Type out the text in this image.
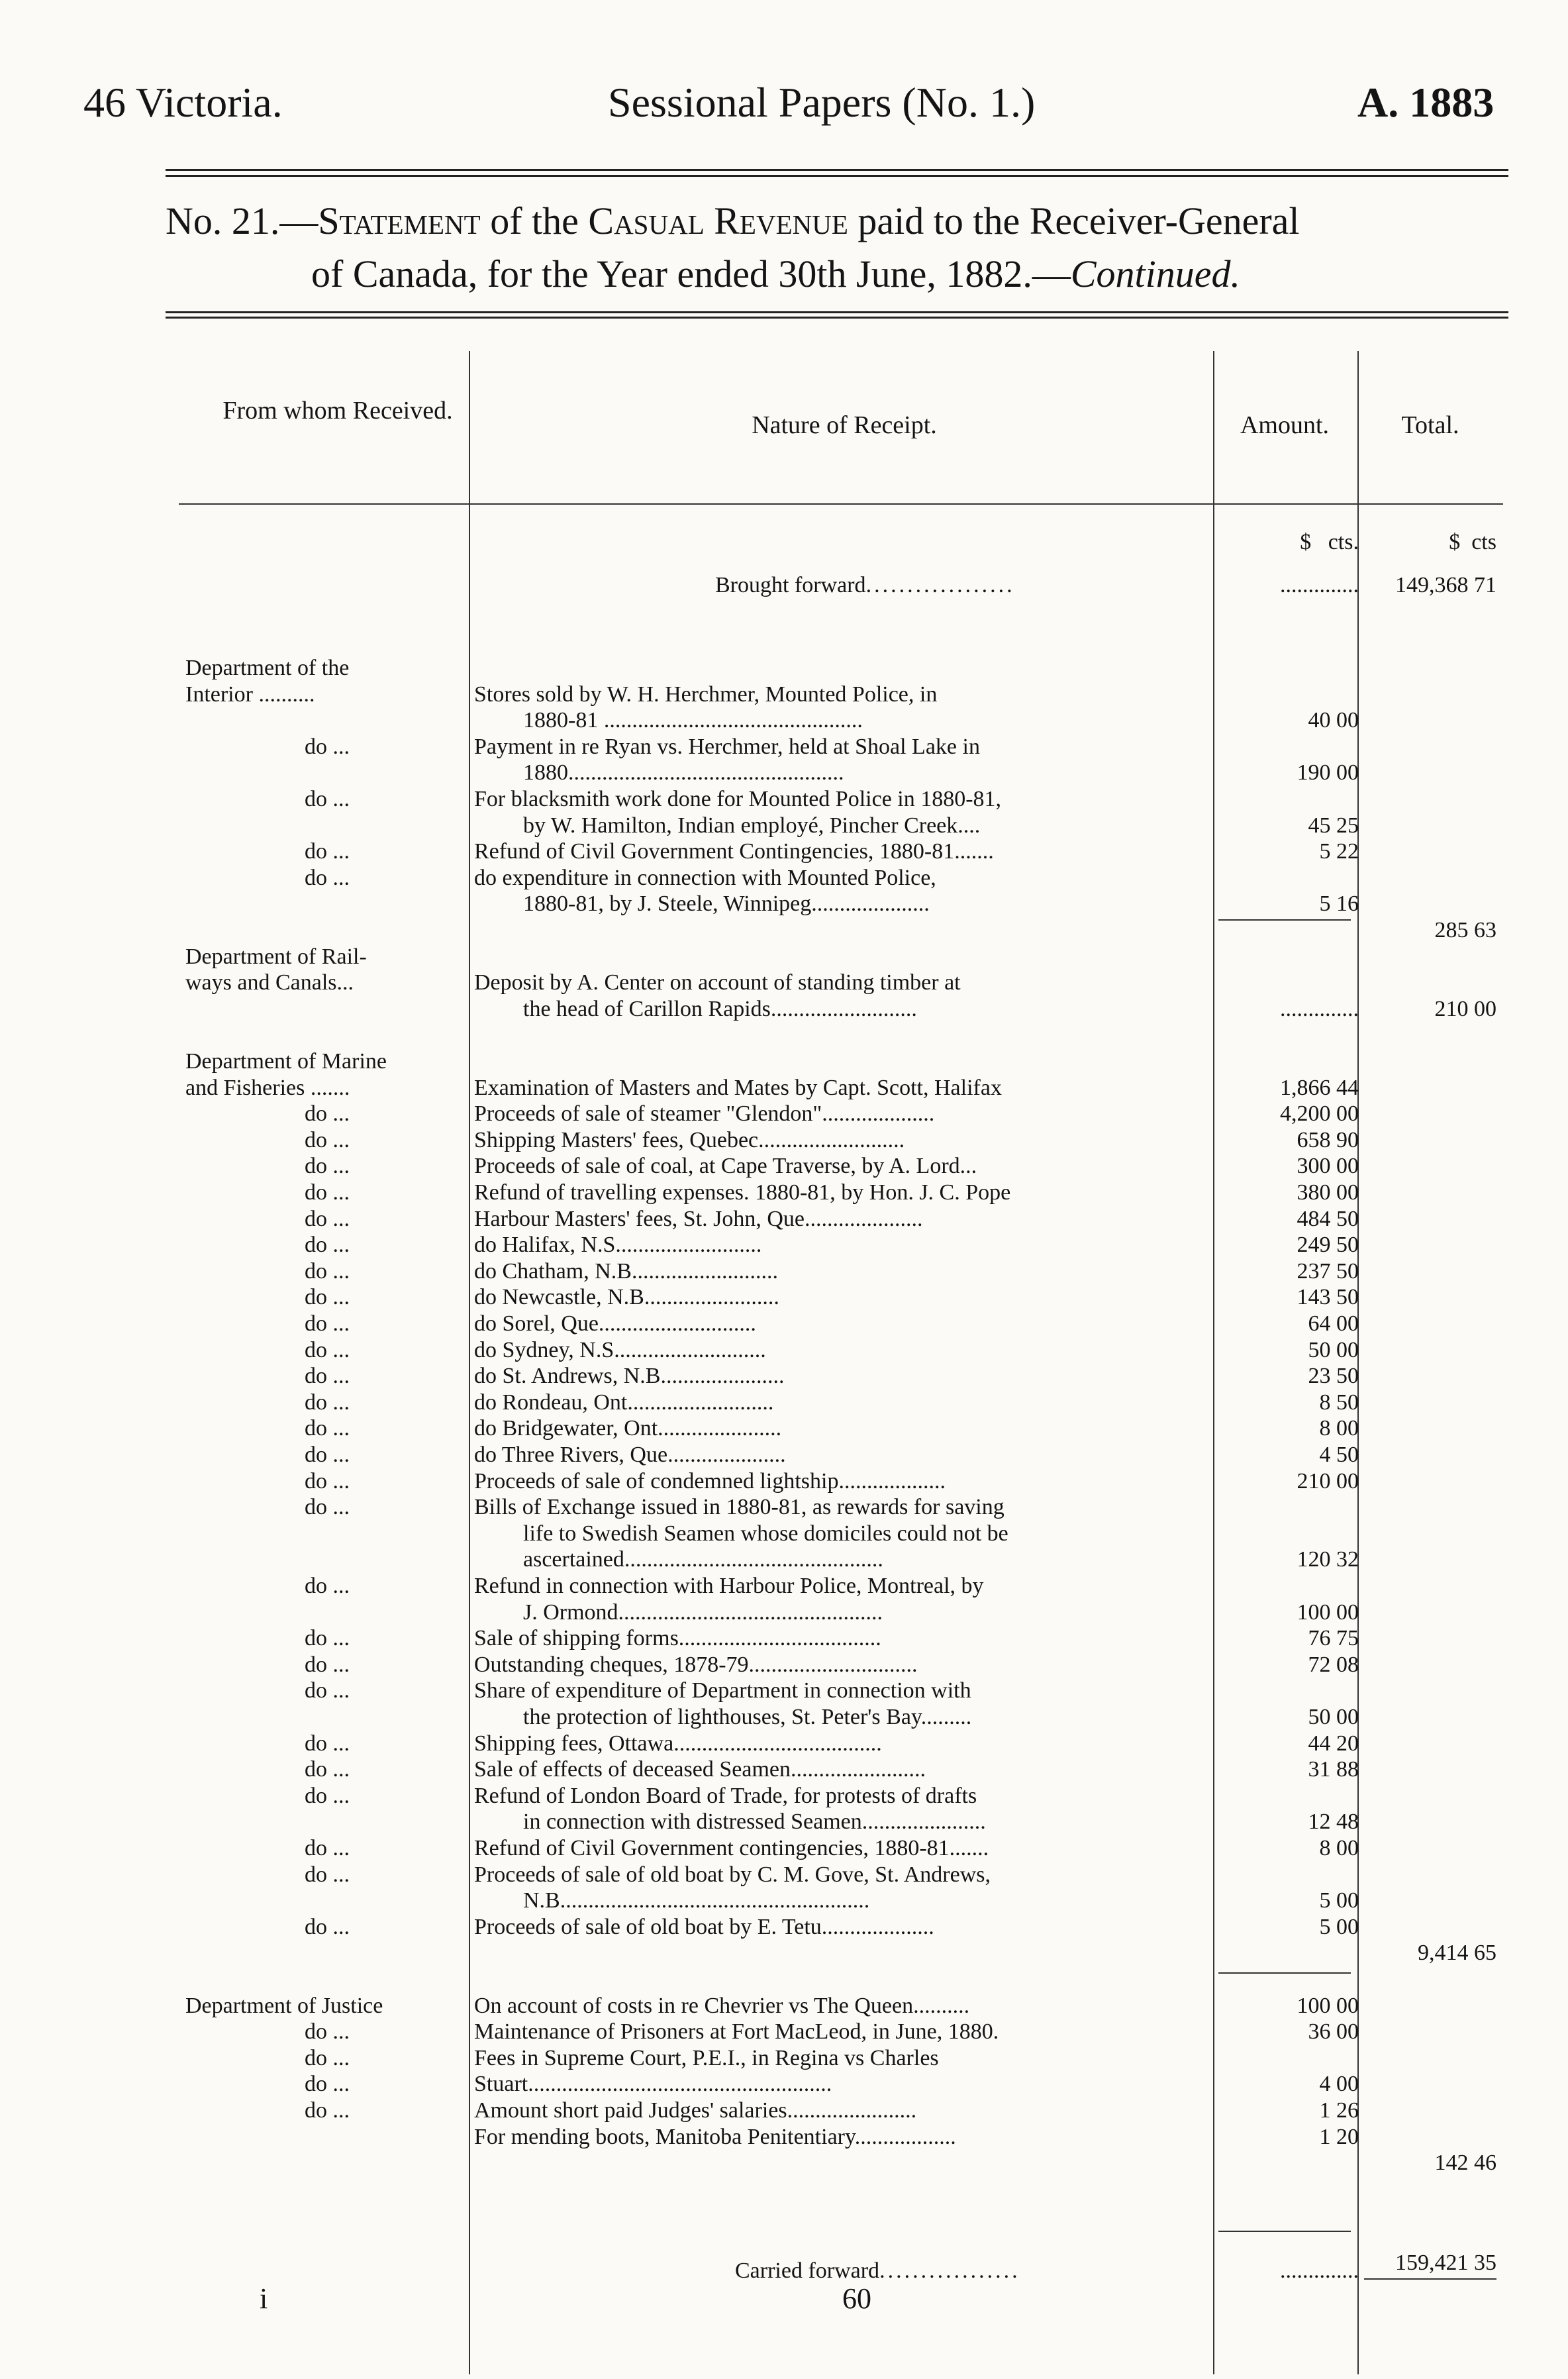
46 Victoria.	Sessional Papers (No. 1.)	A. 1883
No. 21.—Statement of the Casual Revenue paid to the Receiver-General
of Canada, for the Year ended 30th June, 1882.—Continued.
From whom Received.
Nature of Receipt.	Amount.	Total.
$ cts.	$ cts
Brought forward..................	..............	149,368 71
Department of the
Interior ..........	Stores sold by W. H. Herchmer, Mounted Police, in
1880-81 ..............................................	40 00
do ...	Payment in re Ryan vs. Herchmer, held at Shoal Lake in
1880.................................................	190 00
do ...	For blacksmith work done for Mounted Police in 1880-81,
by W. Hamilton, Indian employé, Pincher Creek....	45 25
do ...	Refund of Civil Government Contingencies, 1880-81.......	5 22
do ...	do expenditure in connection with Mounted Police,
1880-81, by J. Steele, Winnipeg.....................	5 16
285 63
Department of Rail-
ways and Canals...	Deposit by A. Center on account of standing timber at
the head of Carillon Rapids..........................	..............	210 00
Department of Marine
and Fisheries .......	Examination of Masters and Mates by Capt. Scott, Halifax	1,866 44
do ...	Proceeds of sale of steamer "Glendon"....................	4,200 00
do ...	Shipping Masters' fees, Quebec..........................	658 90
do ...	Proceeds of sale of coal, at Cape Traverse, by A. Lord...	300 00
do ...	Refund of travelling expenses. 1880-81, by Hon. J. C. Pope	380 00
do ...	Harbour Masters' fees, St. John, Que.....................	484 50
do ...	do Halifax, N.S..........................	249 50
do ...	do Chatham, N.B..........................	237 50
do ...	do Newcastle, N.B........................	143 50
do ...	do Sorel, Que............................	64 00
do ...	do Sydney, N.S...........................	50 00
do ...	do St. Andrews, N.B......................	23 50
do ...	do Rondeau, Ont..........................	8 50
do ...	do Bridgewater, Ont......................	8 00
do ...	do Three Rivers, Que.....................	4 50
do ...	Proceeds of sale of condemned lightship...................	210 00
do ...	Bills of Exchange issued in 1880-81, as rewards for saving
life to Swedish Seamen whose domiciles could not be
ascertained..............................................	120 32
do ...	Refund in connection with Harbour Police, Montreal, by
J. Ormond...............................................	100 00
do ...	Sale of shipping forms....................................	76 75
do ...	Outstanding cheques, 1878-79..............................	72 08
do ...	Share of expenditure of Department in connection with
the protection of lighthouses, St. Peter's Bay.........	50 00
do ...	Shipping fees, Ottawa.....................................	44 20
do ...	Sale of effects of deceased Seamen........................	31 88
do ...	Refund of London Board of Trade, for protests of drafts
in connection with distressed Seamen......................	12 48
do ...	Refund of Civil Government contingencies, 1880-81.......	8 00
do ...	Proceeds of sale of old boat by C. M. Gove, St. Andrews,
N.B.......................................................	5 00
do ...	Proceeds of sale of old boat by E. Tetu....................	5 00
9,414 65
Department of Justice	On account of costs in re Chevrier vs The Queen..........	100 00
do ...	Maintenance of Prisoners at Fort MacLeod, in June, 1880.	36 00
do ...	Fees in Supreme Court, P.E.I., in Regina vs Charles
do ...	Stuart......................................................	4 00
do ...	Amount short paid Judges' salaries.......................	1 26
For mending boots, Manitoba Penitentiary..................	1 20
142 46
Carried forward.................	..............	159,421 35
i	60
